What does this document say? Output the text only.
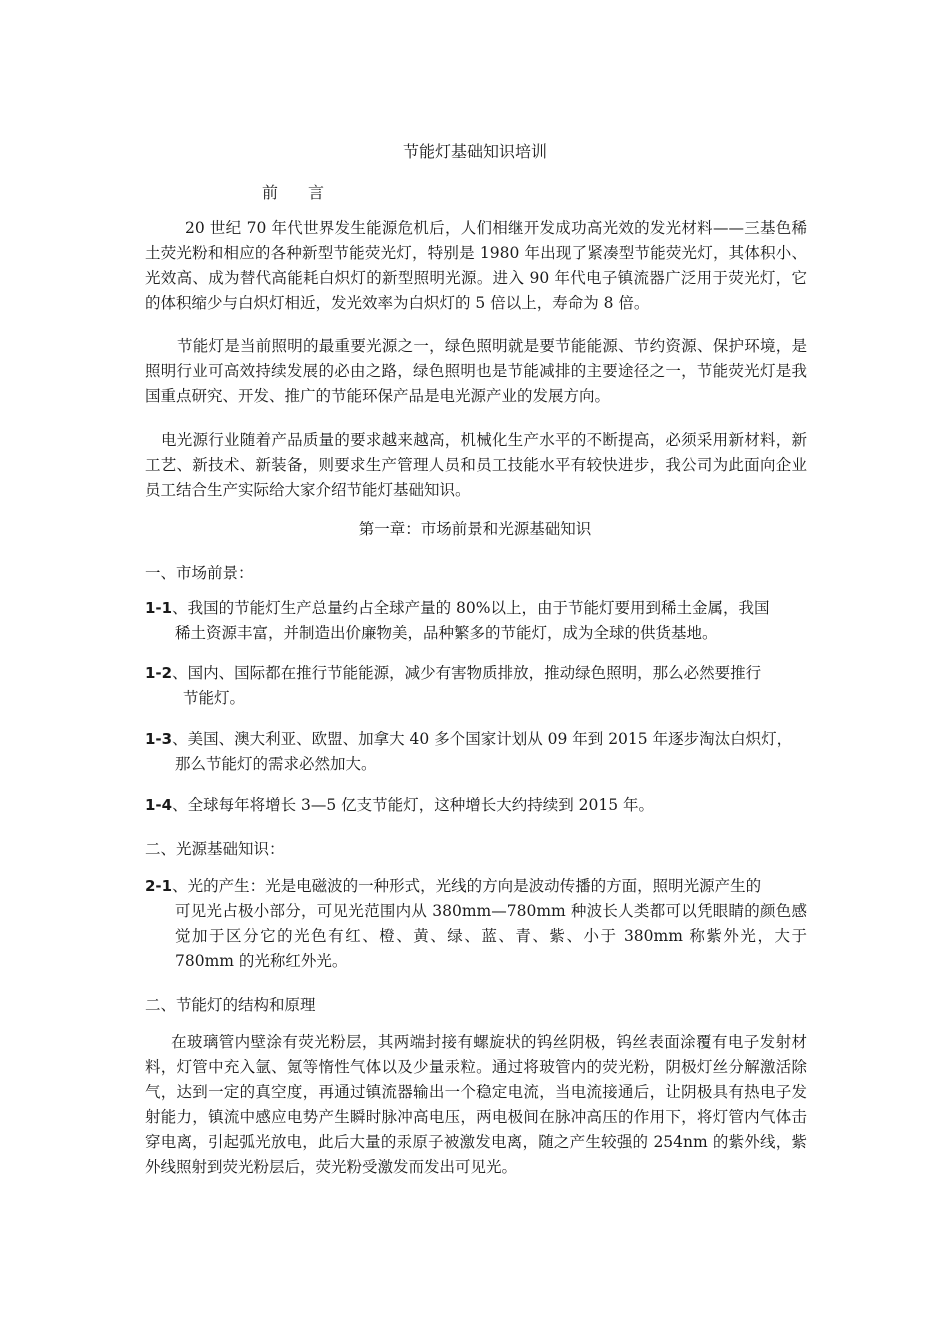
节能灯基础知识培训
前 言

20 世纪 70 年代世界发生能源危机后，人们相继开发成功高光效的发光材料——三基色稀土荧光粉和相应的各种新型节能荧光灯，特别是 1980 年出现了紧凑型节能荧光灯，其体积小、光效高、成为替代高能耗白炽灯的新型照明光源。进入 90 年代电子镇流器广泛用于荧光灯，它的体积缩少与白炽灯相近，发光效率为白炽灯的 5 倍以上，寿命为 8 倍。

节能灯是当前照明的最重要光源之一，绿色照明就是要节能能源、节约资源、保护环境，是照明行业可高效持续发展的必由之路，绿色照明也是节能减排的主要途径之一，节能荧光灯是我国重点研究、开发、推广的节能环保产品是电光源产业的发展方向。

电光源行业随着产品质量的要求越来越高，机械化生产水平的不断提高，必须采用新材料，新工艺、新技术、新装备，则要求生产管理人员和员工技能水平有较快进步，我公司为此面向企业员工结合生产实际给大家介绍节能灯基础知识。

第一章：市场前景和光源基础知识
一、市场前景：
1-1、我国的节能灯生产总量约占全球产量的 80%以上，由于节能灯要用到稀土金属，我国
稀土资源丰富，并制造出价廉物美，品种繁多的节能灯，成为全球的供货基地。
1-2、国内、国际都在推行节能能源，减少有害物质排放，推动绿色照明，那么必然要推行
节能灯。
1-3、美国、澳大利亚、欧盟、加拿大 40 多个国家计划从 09 年到 2015 年逐步淘汰白炽灯，
那么节能灯的需求必然加大。
1-4、全球每年将增长 3—5 亿支节能灯，这种增长大约持续到 2015 年。
二、光源基础知识：
2-1、光的产生：光是电磁波的一种形式，光线的方向是波动传播的方面，照明光源产生的
可见光占极小部分，可见光范围内从 380mm—780mm 种波长人类都可以凭眼睛的颜色感觉加于区分它的光色有红、橙、黄、绿、蓝、青、紫、小于 380mm 称紫外光，大于 780mm 的光称红外光。
二、节能灯的结构和原理

在玻璃管内壁涂有荧光粉层，其两端封接有螺旋状的钨丝阴极，钨丝表面涂覆有电子发射材料，灯管中充入氩、氪等惰性气体以及少量汞粒。通过将玻管内的荧光粉，阴极灯丝分解激活除气，达到一定的真空度，再通过镇流器输出一个稳定电流，当电流接通后，让阴极具有热电子发射能力，镇流中感应电势产生瞬时脉冲高电压，两电极间在脉冲高压的作用下，将灯管内气体击穿电离，引起弧光放电，此后大量的汞原子被激发电离，随之产生较强的 254nm 的紫外线，紫外线照射到荧光粉层后，荧光粉受激发而发出可见光。
